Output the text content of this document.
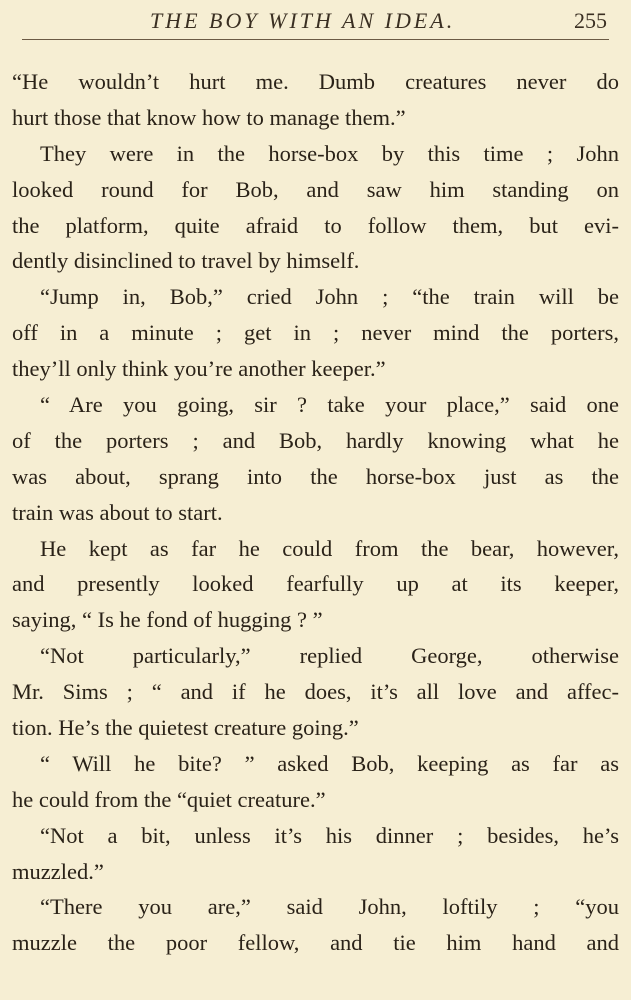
THE BOY WITH AN IDEA.	255
“He wouldn’t hurt me. Dumb creatures never do
hurt those that know how to manage them.”
They were in the horse-box by this time ; John
looked round for Bob, and saw him standing on
the platform, quite afraid to follow them, but evi-
dently disinclined to travel by himself.
“Jump in, Bob,” cried John ; “the train will be
off in a minute ; get in ; never mind the porters,
they’ll only think you’re another keeper.”
“ Are you going, sir ? take your place,” said one
of the porters ; and Bob, hardly knowing what he
was about, sprang into the horse-box just as the
train was about to start.
He kept as far he could from the bear, however,
and presently looked fearfully up at its keeper,
saying, “ Is he fond of hugging ? ”
“Not particularly,” replied George, otherwise
Mr. Sims ; “ and if he does, it’s all love and affec-
tion. He’s the quietest creature going.”
“ Will he bite? ” asked Bob, keeping as far as
he could from the “quiet creature.”
“Not a bit, unless it’s his dinner ; besides, he’s
muzzled.”
“There you are,” said John, loftily ; “you
muzzle the poor fellow, and tie him hand and
